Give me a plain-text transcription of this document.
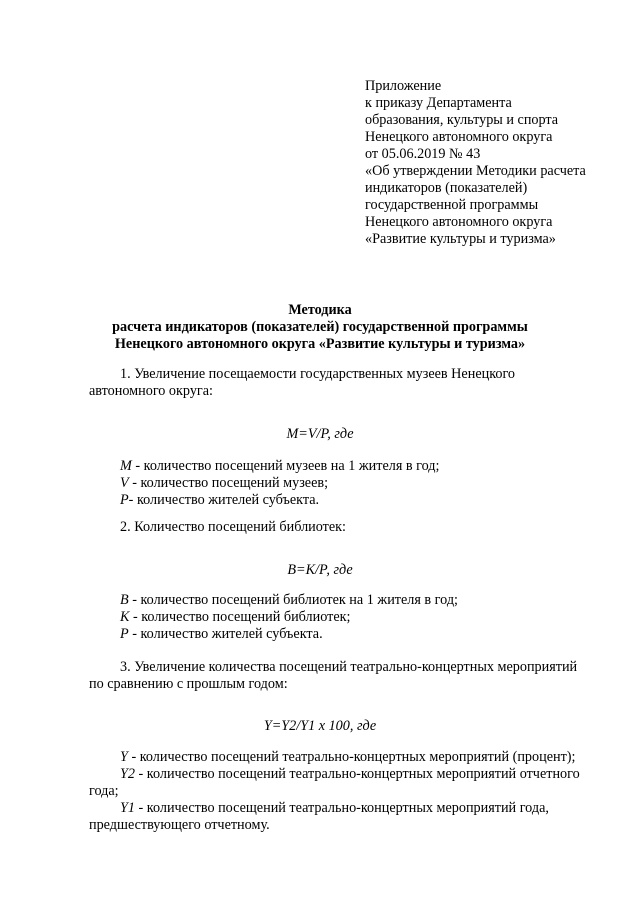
Приложение
к приказу Департамента
образования, культуры и спорта
Ненецкого автономного округа
от 05.06.2019 № 43
«Об утверждении Методики расчета
индикаторов (показателей)
государственной программы
Ненецкого автономного округа
«Развитие культуры и туризма»
Методика
расчета индикаторов (показателей) государственной программы
Ненецкого автономного округа «Развитие культуры и туризма»
1. Увеличение посещаемости государственных музеев Ненецкого
автономного округа:
М=V/P, где
М - количество посещений музеев на 1 жителя в год;
V - количество посещений музеев;
Р- количество жителей субъекта.
2. Количество посещений библиотек:
В=К/Р, где
В - количество посещений библиотек на 1 жителя в год;
К - количество посещений библиотек;
Р - количество жителей субъекта.
3. Увеличение количества посещений театрально-концертных мероприятий
по сравнению с прошлым годом:
Y=Y2/Y1 х 100, где
Y - количество посещений театрально-концертных мероприятий (процент);
Y2 - количество посещений театрально-концертных мероприятий отчетного
года;
Y1 - количество посещений театрально-концертных мероприятий года,
предшествующего отчетному.
